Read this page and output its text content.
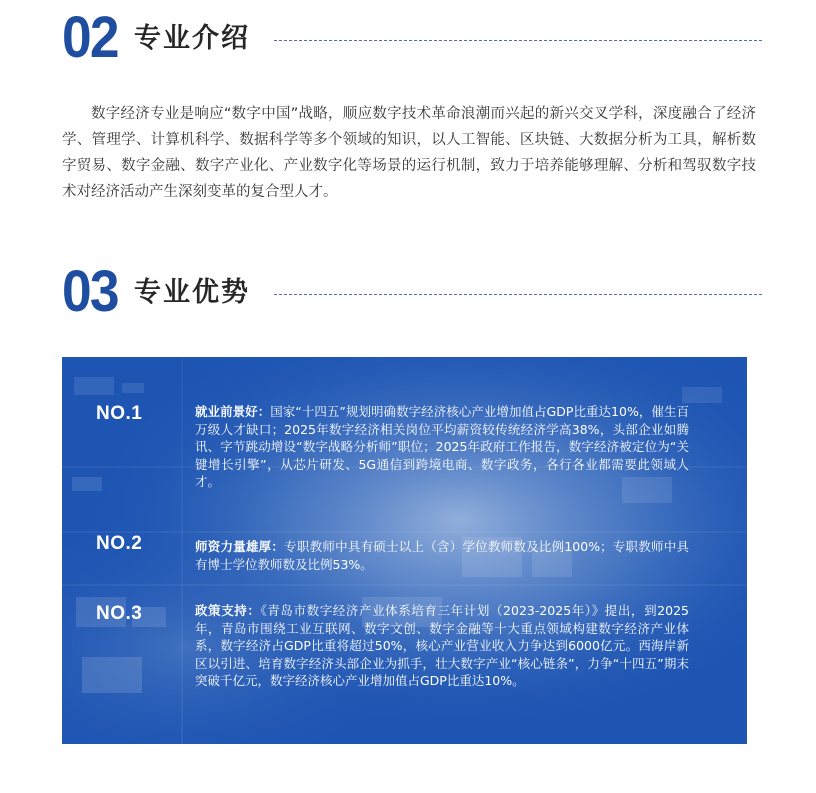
02 专业介绍

数字经济专业是响应“数字中国”战略，顺应数字技术革命浪潮而兴起的新兴交叉学科，深度融合了经济学、管理学、计算机科学、数据科学等多个领域的知识，以人工智能、区块链、大数据分析为工具，解析数字贸易、数字金融、数字产业化、产业数字化等场景的运行机制，致力于培养能够理解、分析和驾驭数字技术对经济活动产生深刻变革的复合型人才。

03 专业优势
NO.1	就业前景好：国家“十四五”规划明确数字经济核心产业增加值占GDP比重达10%，催生百万级人才缺口；2025年数字经济相关岗位平均薪资较传统经济学高38%，头部企业如腾讯、字节跳动增设“数字战略分析师”职位；2025年政府工作报告，数字经济被定位为“关键增长引擎”，从芯片研发、5G通信到跨境电商、数字政务，各行各业都需要此领域人才。

NO.2	师资力量雄厚：专职教师中具有硕士以上（含）学位教师数及比例100%；专职教师中具有博士学位教师数及比例53%。

NO.3	政策支持：《青岛市数字经济产业体系培育三年计划（2023-2025年）》提出，到2025年，青岛市围绕工业互联网、数字文创、数字金融等十大重点领域构建数字经济产业体系，数字经济占GDP比重将超过50%，核心产业营业收入力争达到6000亿元。西海岸新区以引进、培育数字经济头部企业为抓手，壮大数字产业“核心链条”，力争“十四五”期末突破千亿元，数字经济核心产业增加值占GDP比重达10%。
